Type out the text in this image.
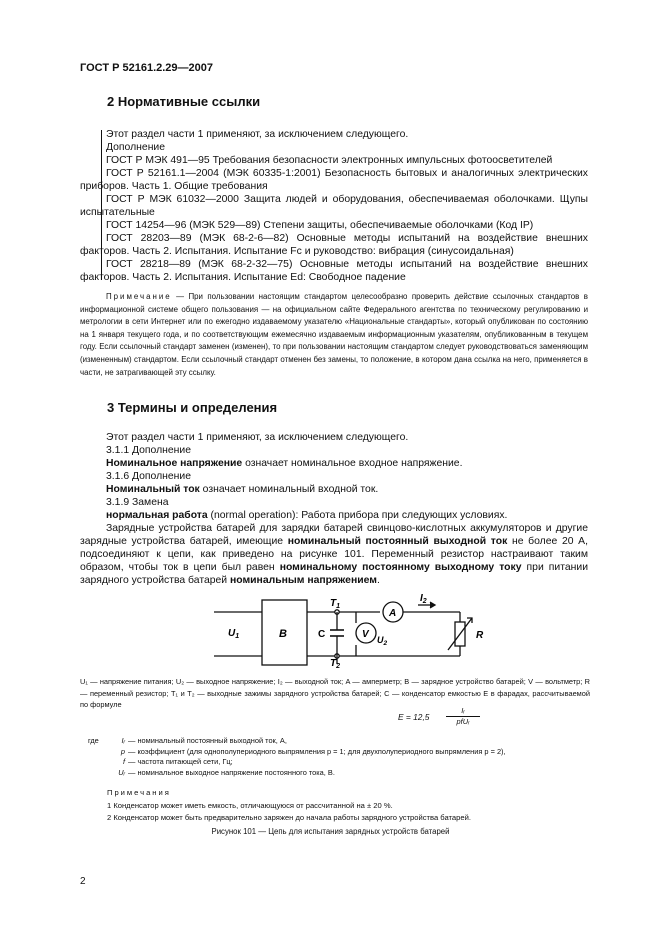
ГОСТ Р 52161.2.29—2007
2 Нормативные ссылки

Этот раздел части 1 применяют, за исключением следующего.

Дополнение

ГОСТ Р МЭК 491—95 Требования безопасности электронных импульсных фотоосветителей

ГОСТ Р 52161.1—2004 (МЭК 60335-1:2001) Безопасность бытовых и аналогичных электрических приборов. Часть 1. Общие требования

ГОСТ Р МЭК 61032—2000 Защита людей и оборудования, обеспечиваемая оболочками. Щупы испытательные

ГОСТ 14254—96 (МЭК 529—89) Степени защиты, обеспечиваемые оболочками (Код IP)

ГОСТ 28203—89 (МЭК 68-2-6—82) Основные методы испытаний на воздействие внешних факторов. Часть 2. Испытания. Испытание Fc и руководство: вибрация (синусоидальная)

ГОСТ 28218—89 (МЭК 68-2-32—75) Основные методы испытаний на воздействие внешних факторов. Часть 2. Испытания. Испытание Ed: Свободное падение

Примечание — При пользовании настоящим стандартом целесообразно проверить действие ссылочных стандартов в информационной системе общего пользования — на официальном сайте Федерального агентства по техническому регулированию и метрологии в сети Интернет или по ежегодно издаваемому указателю «Национальные стандарты», который опубликован по состоянию на 1 января текущего года, и по соответствующим ежемесячно издаваемым информационным указателям, опубликованным в текущем году. Если ссылочный стандарт заменен (изменен), то при пользовании настоящим стандартом следует руководствоваться заменяющим (измененным) стандартом. Если ссылочный стандарт отменен без замены, то положение, в котором дана ссылка на него, применяется в части, не затрагивающей эту ссылку.
3 Термины и определения

Этот раздел части 1 применяют, за исключением следующего.

3.1.1 Дополнение

Номинальное напряжение означает номинальное входное напряжение.

3.1.6 Дополнение

Номинальный ток означает номинальный входной ток.

3.1.9 Замена

нормальная работа (normal operation): Работа прибора при следующих условиях.

Зарядные устройства батарей для зарядки батарей свинцово-кислотных аккумуляторов и другие зарядные устройства батарей, имеющие номинальный постоянный выходной ток не более 20 А, подсоединяют к цепи, как приведено на рисунке 101. Переменный резистор настраивают таким образом, чтобы ток в цепи был равен номинальному постоянному выходному току при питании зарядного устройства батарей номинальным напряжением.

$U_1$	B	C
$T_1$
$T_2$
V $U_2$
A
$I_2$
R
U₁ — напряжение питания; U₂ — выходное напряжение; I₂ — выходной ток; A — амперметр; B — зарядное устройство батарей; V — вольтметр; R — переменный резистор; T₁ и T₂ — выходные зажимы зарядного устройства батарей; C — конденсатор емкостью E в фарадах, рассчитываемой по формуле
E = 12,5
Iᵣ
pfUᵣ
где	Iᵣ — номинальный постоянный выходной ток, А,
p — коэффициент (для однополупериодного выпрямления p = 1; для двухполупериодного выпрямления p = 2),
f — частота питающей сети, Гц;
Uᵣ — номинальное выходное напряжение постоянного тока, В.
Примечания
1 Конденсатор может иметь емкость, отличающуюся от рассчитанной на ± 20 %.
2 Конденсатор может быть предварительно заряжен до начала работы зарядного устройства батарей.
Рисунок 101 — Цепь для испытания зарядных устройств батарей
2
